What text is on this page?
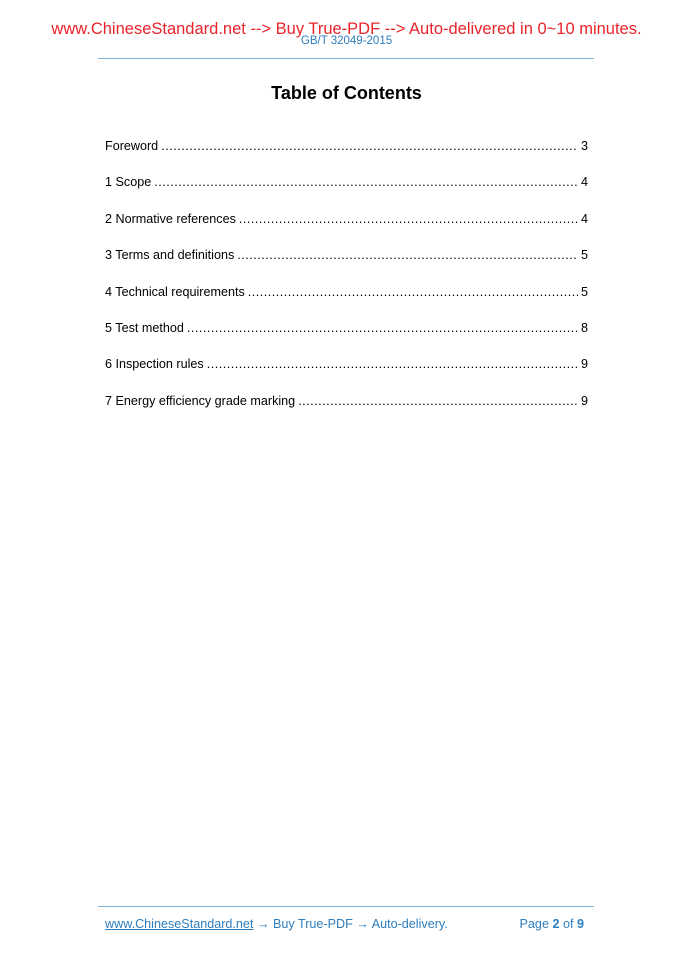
www.ChineseStandard.net --> Buy True-PDF --> Auto-delivered in 0~10 minutes.
GB/T 32049-2015
Table of Contents
Foreword .....	3
1 Scope .....	4
2 Normative references .....	4
3 Terms and definitions .....	5
4 Technical requirements .....	5
5 Test method .....	8
6 Inspection rules .....	9
7 Energy efficiency grade marking .....	9
www.ChineseStandard.net → Buy True-PDF → Auto-delivery.	Page 2 of 9
